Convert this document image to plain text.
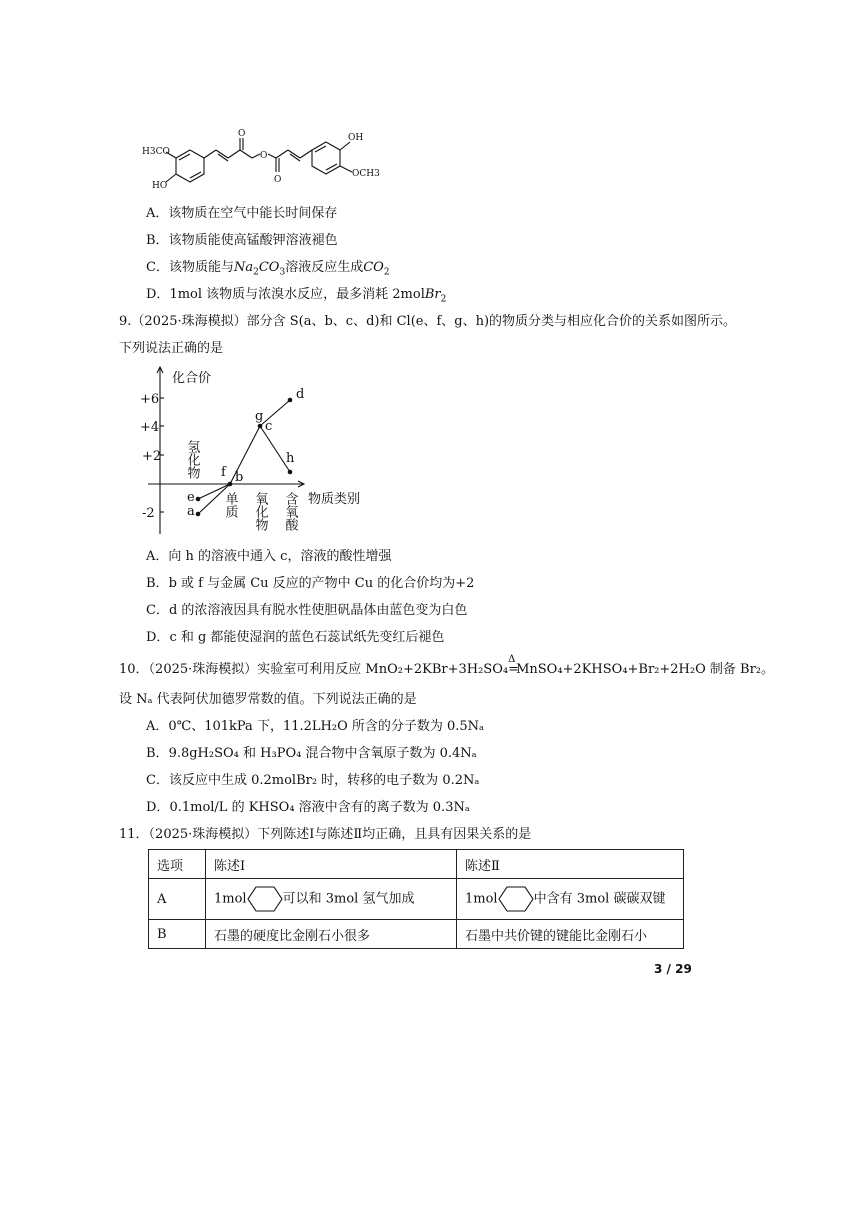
H3CO
HO
O
O
O
OH
OCH3
A．该物质在空气中能长时间保存
B．该物质能使高锰酸钾溶液褪色
C．该物质能与$Na_2CO_3$溶液反应生成$CO_2$
D．1mol 该物质与浓溴水反应，最多消耗 2molBr$_2$
9.（2025·珠海模拟）部分含 S(a、b、c、d)和 Cl(e、f、g、h)的物质分类与相应化合价的关系如图所示。
下列说法正确的是
化合价
物质类别
+6
+4
+2
-2
d
g
c
h
f b
e
a
氢化物
单质 氧化物 含氧酸
A．向 h 的溶液中通入 c，溶液的酸性增强
B．b 或 f 与金属 Cu 反应的产物中 Cu 的化合价均为+2
C．d 的浓溶液因具有脱水性使胆矾晶体由蓝色变为白色
D．c 和 g 都能使湿润的蓝色石蕊试纸先变红后褪色
10．（2025·珠海模拟）实验室可利用反应 MnO₂+2KBr+3H₂SO₄
Δ
=MnSO₄+2KHSO₄+Br₂+2H₂O 制备 Br₂。
设 Nₐ 代表阿伏加德罗常数的值。下列说法正确的是
A．0℃、101kPa 下，11.2LH₂O 所含的分子数为 0.5Nₐ
B．9.8gH₂SO₄ 和 H₃PO₄ 混合物中含氧原子数为 0.4Nₐ
C．该反应中生成 0.2molBr₂ 时，转移的电子数为 0.2Nₐ
D．0.1mol/L 的 KHSO₄ 溶液中含有的离子数为 0.3Nₐ
11．（2025·珠海模拟）下列陈述Ⅰ与陈述Ⅱ均正确，且具有因果关系的是
选项	陈述Ⅰ	陈述Ⅱ
A	1mol 可以和 3mol 氢气加成	1mol 中含有 3mol 碳碳双键
B	石墨的硬度比金刚石小很多	石墨中共价键的键能比金刚石小
3 / 29
